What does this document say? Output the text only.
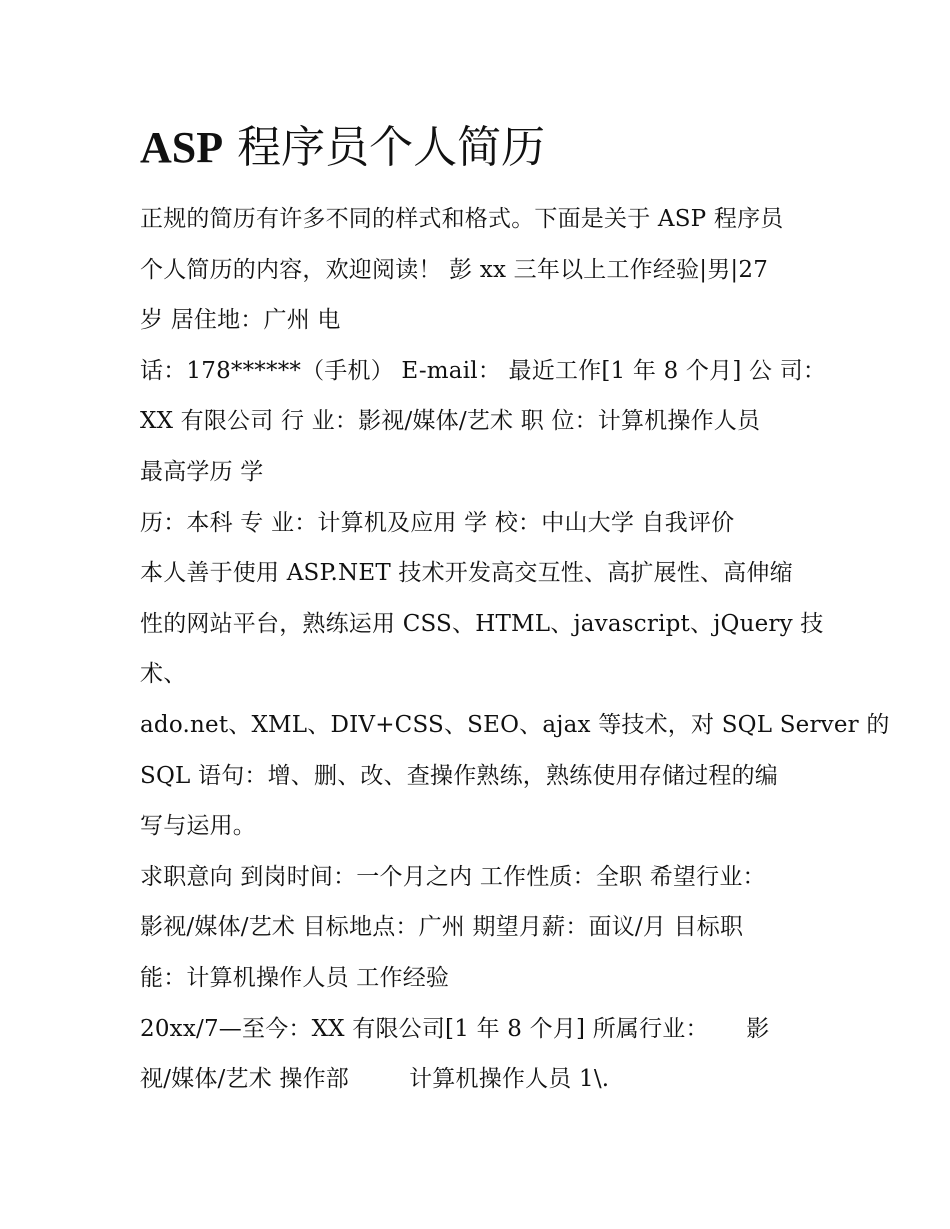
ASP 程序员个人简历
正规的简历有许多不同的样式和格式。下面是关于 ASP 程序员
个人简历的内容，欢迎阅读！ 彭 xx 三年以上工作经验|男|27
岁 居住地：广州 电
话：178******（手机） E-mail： 最近工作[1 年 8 个月] 公 司：
XX 有限公司 行 业：影视/媒体/艺术 职 位：计算机操作人员
最高学历 学
历：本科 专 业：计算机及应用 学 校：中山大学 自我评价
本人善于使用 ASP.NET 技术开发高交互性、高扩展性、高伸缩
性的网站平台，熟练运用 CSS、HTML、javascript、jQuery 技
术、
ado.net、XML、DIV+CSS、SEO、ajax 等技术，对 SQL Server 的
SQL 语句：增、删、改、查操作熟练，熟练使用存储过程的编
写与运用。
求职意向 到岗时间：一个月之内 工作性质：全职 希望行业：
影视/媒体/艺术 目标地点：广州 期望月薪：面议/月 目标职
能：计算机操作人员 工作经验
20xx/7—至今：XX 有限公司[1 年 8 个月] 所属行业：     影
视/媒体/艺术 操作部        计算机操作人员 1\.
